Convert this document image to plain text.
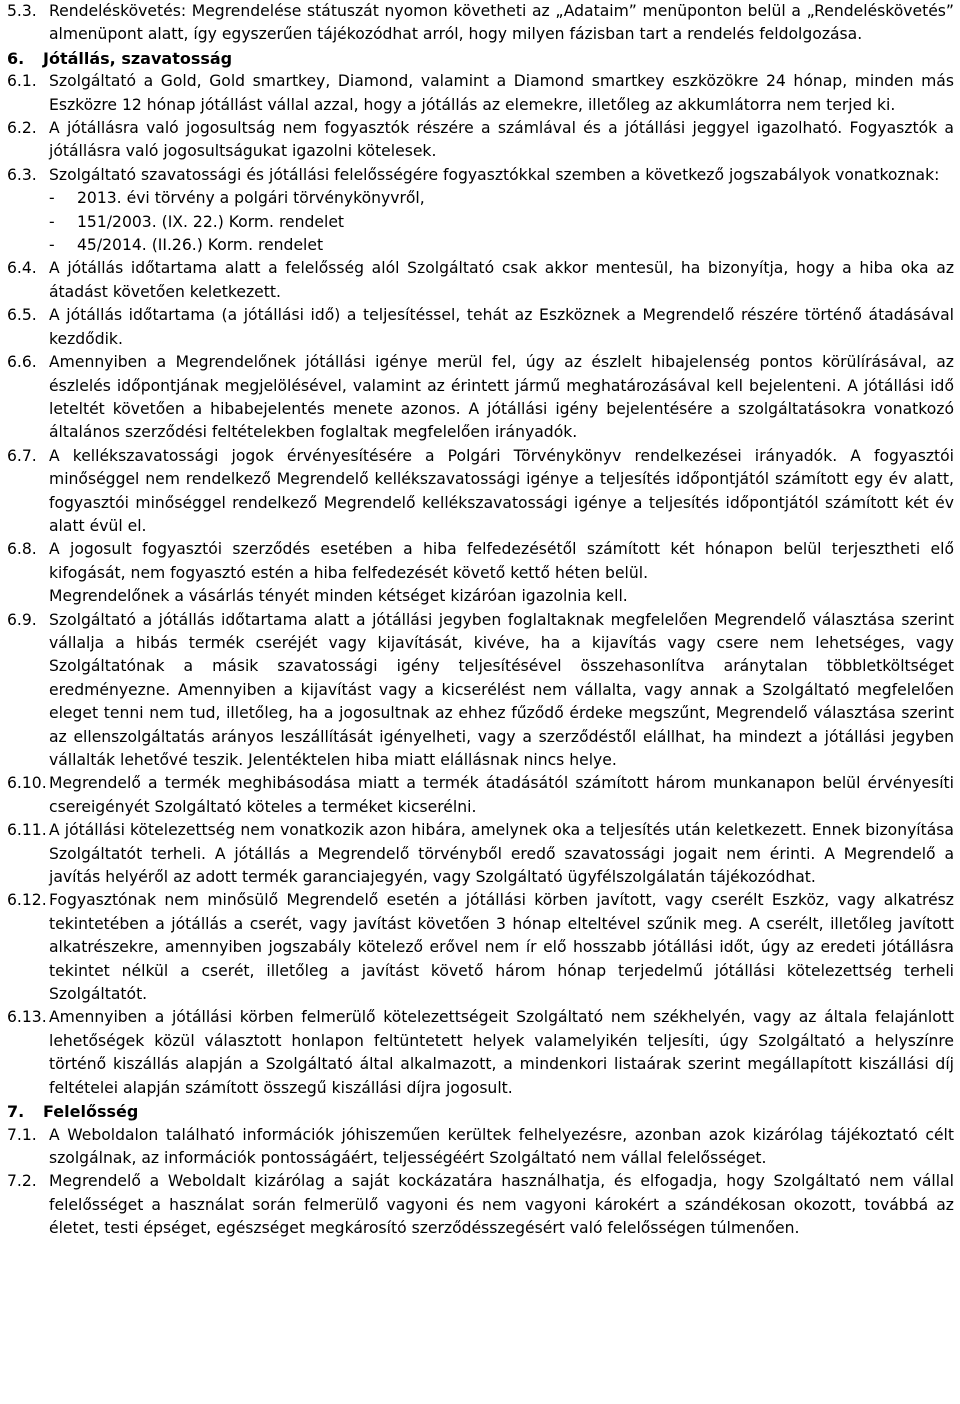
5.3. Rendeléskövetés: Megrendelése státuszát nyomon követheti az „Adataim” menüponton belül a „Rendeléskövetés” almenüpont alatt, így egyszerűen tájékozódhat arról, hogy milyen fázisban tart a rendelés feldolgozása.
6.	Jótállás, szavatosság
6.1. Szolgáltató a Gold, Gold smartkey, Diamond, valamint a Diamond smartkey eszközökre 24 hónap, minden más Eszközre 12 hónap jótállást vállal azzal, hogy a jótállás az elemekre, illetőleg az akkumlátorra nem terjed ki.
6.2. A jótállásra való jogosultság nem fogyasztók részére a számlával és a jótállási jeggyel igazolható. Fogyasztók a jótállásra való jogosultságukat igazolni kötelesek.
6.3. Szolgáltató szavatossági és jótállási felelősségére fogyasztókkal szemben a következő jogszabályok vonatkoznak:
-	2013. évi törvény a polgári törvénykönyvről,
-	151/2003. (IX. 22.) Korm. rendelet
-	45/2014. (II.26.) Korm. rendelet
6.4. A jótállás időtartama alatt a felelősség alól Szolgáltató csak akkor mentesül, ha bizonyítja, hogy a hiba oka az átadást követően keletkezett.
6.5. A jótállás időtartama (a jótállási idő) a teljesítéssel, tehát az Eszköznek a Megrendelő részére történő átadásával kezdődik.
6.6. Amennyiben a Megrendelőnek jótállási igénye merül fel, úgy az észlelt hibajelenség pontos körülírásával, az észlelés időpontjának megjelölésével, valamint az érintett jármű meghatározásával kell bejelenteni. A jótállási idő leteltét követően a hibabejelentés menete azonos. A jótállási igény bejelentésére a szolgáltatásokra vonatkozó általános szerződési feltételekben foglaltak megfelelően irányadók.
6.7. A kellékszavatossági jogok érvényesítésére a Polgári Törvénykönyv rendelkezései irányadók. A fogyasztói minőséggel nem rendelkező Megrendelő kellékszavatossági igénye a teljesítés időpontjától számított egy év alatt, fogyasztói minőséggel rendelkező Megrendelő kellékszavatossági igénye a teljesítés időpontjától számított két év alatt évül el.
6.8. A jogosult fogyasztói szerződés esetében a hiba felfedezésétől számított két hónapon belül terjesztheti elő kifogását, nem fogyasztó estén a hiba felfedezését követő kettő héten belül.
Megrendelőnek a vásárlás tényét minden kétséget kizáróan igazolnia kell.
6.9. Szolgáltató a jótállás időtartama alatt a jótállási jegyben foglaltaknak megfelelően Megrendelő választása szerint vállalja a hibás termék cseréjét vagy kijavítását, kivéve, ha a kijavítás vagy csere nem lehetséges, vagy Szolgáltatónak a másik szavatossági igény teljesítésével összehasonlítva aránytalan többletköltséget eredményezne. Amennyiben a kijavítást vagy a kicserélést nem vállalta, vagy annak a Szolgáltató megfelelően eleget tenni nem tud, illetőleg, ha a jogosultnak az ehhez fűződő érdeke megszűnt, Megrendelő választása szerint az ellenszolgáltatás arányos leszállítását igényelheti, vagy a szerződéstől elállhat, ha mindezt a jótállási jegyben vállalták lehetővé teszik. Jelentéktelen hiba miatt elállásnak nincs helye.
6.10. Megrendelő a termék meghibásodása miatt a termék átadásától számított három munkanapon belül érvényesíti csereigényét Szolgáltató köteles a terméket kicserélni.
6.11. A jótállási kötelezettség nem vonatkozik azon hibára, amelynek oka a teljesítés után keletkezett. Ennek bizonyítása Szolgáltatót terheli. A jótállás a Megrendelő törvényből eredő szavatossági jogait nem érinti. A Megrendelő a javítás helyéről az adott termék garanciajegyén, vagy Szolgáltató ügyfélszolgálatán tájékozódhat.
6.12. Fogyasztónak nem minősülő Megrendelő esetén a jótállási körben javított, vagy cserélt Eszköz, vagy alkatrész tekintetében a jótállás a cserét, vagy javítást követően 3 hónap elteltével szűnik meg. A cserélt, illetőleg javított alkatrészekre, amennyiben jogszabály kötelező erővel nem ír elő hosszabb jótállási időt, úgy az eredeti jótállásra tekintet nélkül a cserét, illetőleg a javítást követő három hónap terjedelmű jótállási kötelezettség terheli Szolgáltatót.
6.13. Amennyiben a jótállási körben felmerülő kötelezettségeit Szolgáltató nem székhelyén, vagy az általa felajánlott lehetőségek közül választott honlapon feltüntetett helyek valamelyikén teljesíti, úgy Szolgáltató a helyszínre történő kiszállás alapján a Szolgáltató által alkalmazott, a mindenkori listaárak szerint megállapított kiszállási díj feltételei alapján számított összegű kiszállási díjra jogosult.
7.	Felelősség
7.1. A Weboldalon található információk jóhiszeműen kerültek felhelyezésre, azonban azok kizárólag tájékoztató célt szolgálnak, az információk pontosságáért, teljességéért Szolgáltató nem vállal felelősséget.
7.2. Megrendelő a Weboldalt kizárólag a saját kockázatára használhatja, és elfogadja, hogy Szolgáltató nem vállal felelősséget a használat során felmerülő vagyoni és nem vagyoni károkért a szándékosan okozott, továbbá az életet, testi épséget, egészséget megkárosító szerződésszegésért való felelősségen túlmenően.
